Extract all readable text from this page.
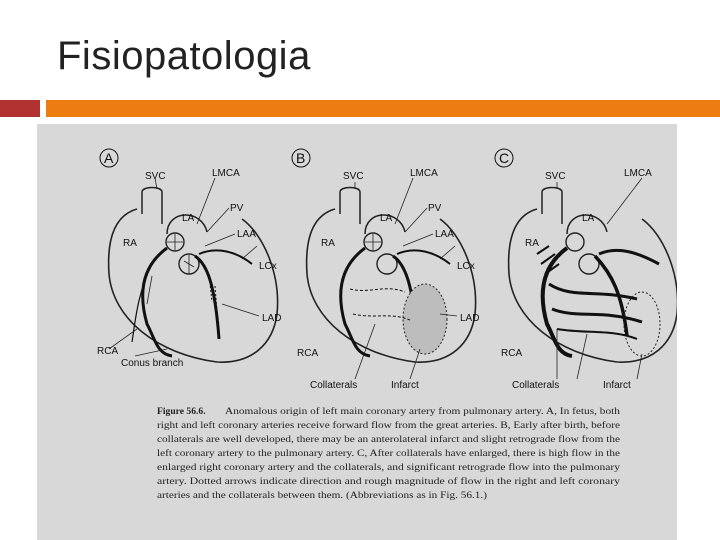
Fisiopatologia
A
SVC	LMCA
LA
PV
LAA
RA
LCx
LAD
RCA
Conus branch
B
SVC	LMCA
LA
PV
LAA
RA
LCx
LAD
RCA
Collaterals	Infarct
C
SVC	LMCA
LA
RA
RCA
Collaterals	Infarct
Figure 56.6. Anomalous origin of left main coronary artery from pulmonary artery. A, In fetus, both
right and left coronary arteries receive forward flow from the great arteries. B, Early after birth, before
collaterals are well developed, there may be an anterolateral infarct and slight retrograde flow from the
left coronary artery to the pulmonary artery. C, After collaterals have enlarged, there is high flow in the
enlarged right coronary artery and the collaterals, and significant retrograde flow into the pulmonary
artery. Dotted arrows indicate direction and rough magnitude of flow in the right and left coronary
arteries and the collaterals between them. (Abbreviations as in Fig. 56.1.)
